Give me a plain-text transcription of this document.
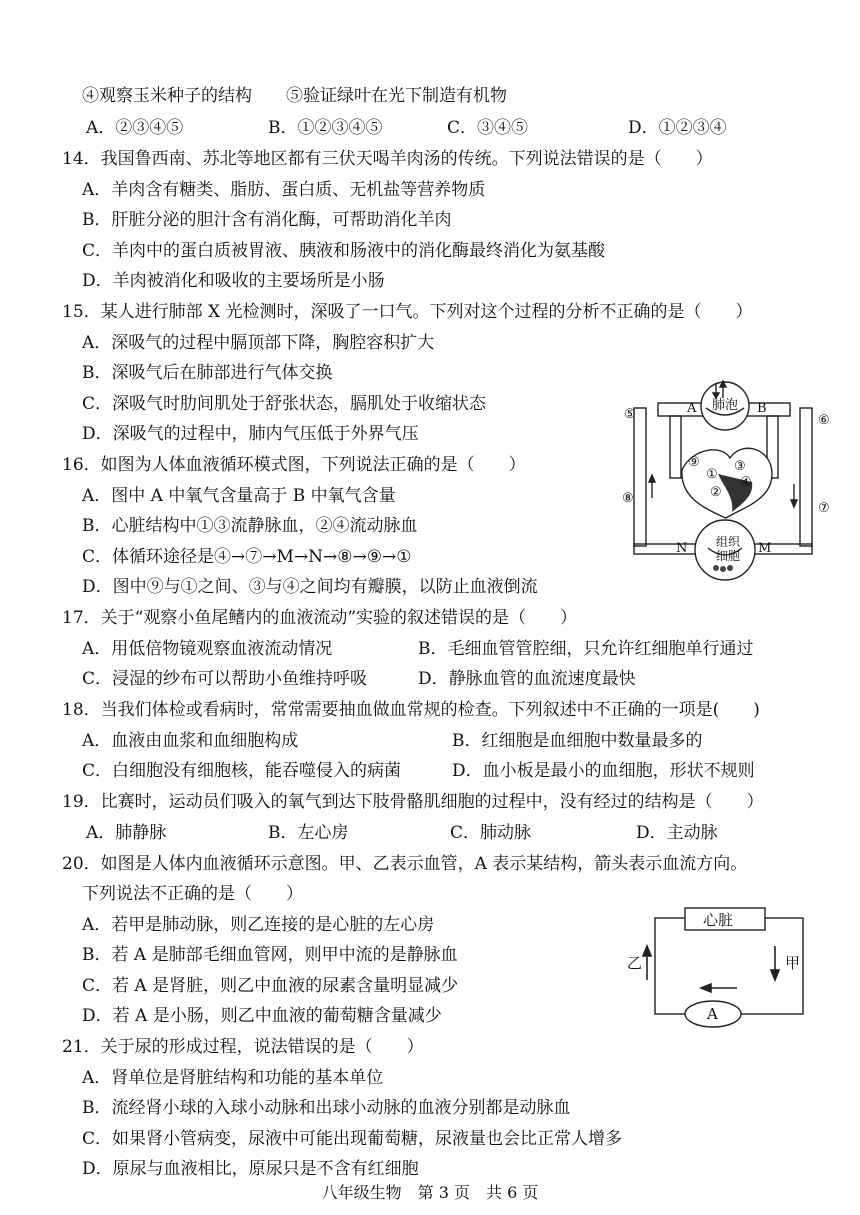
④观察玉米种子的结构　　⑤验证绿叶在光下制造有机物
A．②③④⑤	B．①②③④⑤	C．③④⑤	D．①②③④
14．我国鲁西南、苏北等地区都有三伏天喝羊肉汤的传统。下列说法错误的是（　　）
A．羊肉含有糖类、脂肪、蛋白质、无机盐等营养物质
B．肝脏分泌的胆汁含有消化酶，可帮助消化羊肉
C．羊肉中的蛋白质被胃液、胰液和肠液中的消化酶最终消化为氨基酸
D．羊肉被消化和吸收的主要场所是小肠
15．某人进行肺部 X 光检测时，深吸了一口气。下列对这个过程的分析不正确的是（　　）
A．深吸气的过程中膈顶部下降，胸腔容积扩大
B．深吸气后在肺部进行气体交换
C．深吸气时肋间肌处于舒张状态，膈肌处于收缩状态
D．深吸气的过程中，肺内气压低于外界气压
16．如图为人体血液循环模式图，下列说法正确的是（　　）
A．图中 A 中氧气含量高于 B 中氧气含量
B．心脏结构中①③流静脉血，②④流动脉血
C．体循环途径是④→⑦→M→N→⑧→⑨→①
D．图中⑨与①之间、③与④之间均有瓣膜，以防止血液倒流
肺泡
组织
细胞
N	M
A	B
①
②
③
④
⑤	⑥
⑦
⑧
⑨
17．关于“观察小鱼尾鳍内的血液流动”实验的叙述错误的是（　　）
A．用低倍物镜观察血液流动情况	B．毛细血管管腔细，只允许红细胞单行通过
C．浸湿的纱布可以帮助小鱼维持呼吸	D．静脉血管的血流速度最快
18．当我们体检或看病时，常常需要抽血做血常规的检查。下列叙述中不正确的一项是(　　)
A．血液由血浆和血细胞构成	B．红细胞是血细胞中数量最多的
C．白细胞没有细胞核，能吞噬侵入的病菌	D．血小板是最小的血细胞，形状不规则
19．比赛时，运动员们吸入的氧气到达下肢骨骼肌细胞的过程中，没有经过的结构是（　　）
A．肺静脉	B．左心房	C．肺动脉	D．主动脉
20．如图是人体内血液循环示意图。甲、乙表示血管，A 表示某结构，箭头表示血流方向。
下列说法不正确的是（　　）
A．若甲是肺动脉，则乙连接的是心脏的左心房
B．若 A 是肺部毛细血管网，则甲中流的是静脉血
C．若 A 是肾脏，则乙中血液的尿素含量明显减少
D．若 A 是小肠，则乙中血液的葡萄糖含量减少
心脏
甲
乙
A
21．关于尿的形成过程，说法错误的是（　　）
A．肾单位是肾脏结构和功能的基本单位
B．流经肾小球的入球小动脉和出球小动脉的血液分别都是动脉血
C．如果肾小管病变，尿液中可能出现葡萄糖，尿液量也会比正常人增多
D．原尿与血液相比，原尿只是不含有红细胞
八年级生物　第 3 页　共 6 页
